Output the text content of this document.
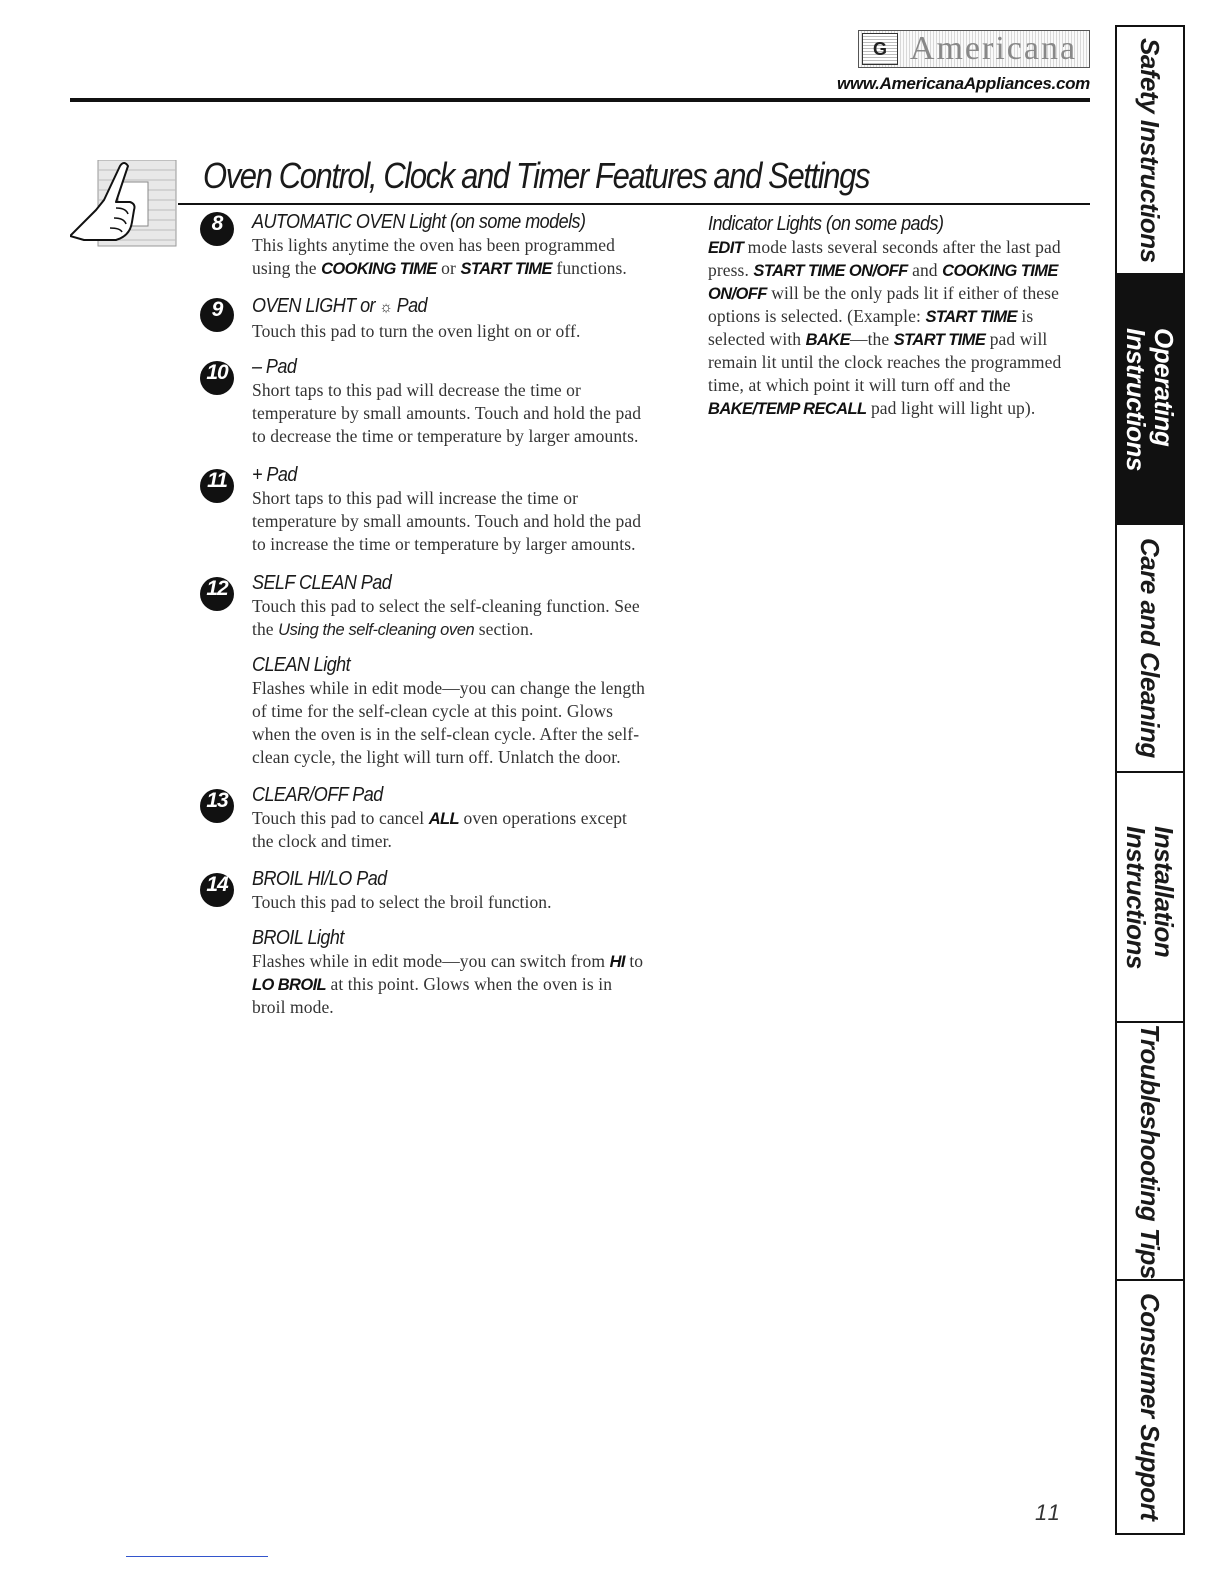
G Americana
www.AmericanaAppliances.com
Oven Control, Clock and Timer Features and Settings
8	AUTOMATIC OVEN Light (on some models)

This lights anytime the oven has been programmed using the COOKING TIME or START TIME functions.

9	OVEN LIGHT or ☼ Pad

Touch this pad to turn the oven light on or off.

10	– Pad

Short taps to this pad will decrease the time or temperature by small amounts. Touch and hold the pad to decrease the time or temperature by larger amounts.

11	+ Pad

Short taps to this pad will increase the time or temperature by small amounts. Touch and hold the pad to increase the time or temperature by larger amounts.

12	SELF CLEAN Pad

Touch this pad to select the self-cleaning function. See the Using the self-cleaning oven section.

CLEAN Light

Flashes while in edit mode—you can change the length of time for the self-clean cycle at this point. Glows when the oven is in the self-clean cycle. After the self-clean cycle, the light will turn off. Unlatch the door.

13	CLEAR/OFF Pad

Touch this pad to cancel ALL oven operations except the clock and timer.

14	BROIL HI/LO Pad

Touch this pad to select the broil function.

BROIL Light

Flashes while in edit mode—you can switch from HI to LO BROIL at this point. Glows when the oven is in broil mode.

Indicator Lights (on some pads)

EDIT mode lasts several seconds after the last pad press. START TIME ON/OFF and COOKING TIME ON/OFF will be the only pads lit if either of these options is selected. (Example: START TIME is selected with BAKE—the START TIME pad will remain lit until the clock reaches the programmed time, at which point it will turn off and the BAKE/TEMP RECALL pad light will light up).

Safety Instructions
Operating
Instructions
Care and Cleaning
Installation
Instructions
Troubleshooting Tips
Consumer Support
11
